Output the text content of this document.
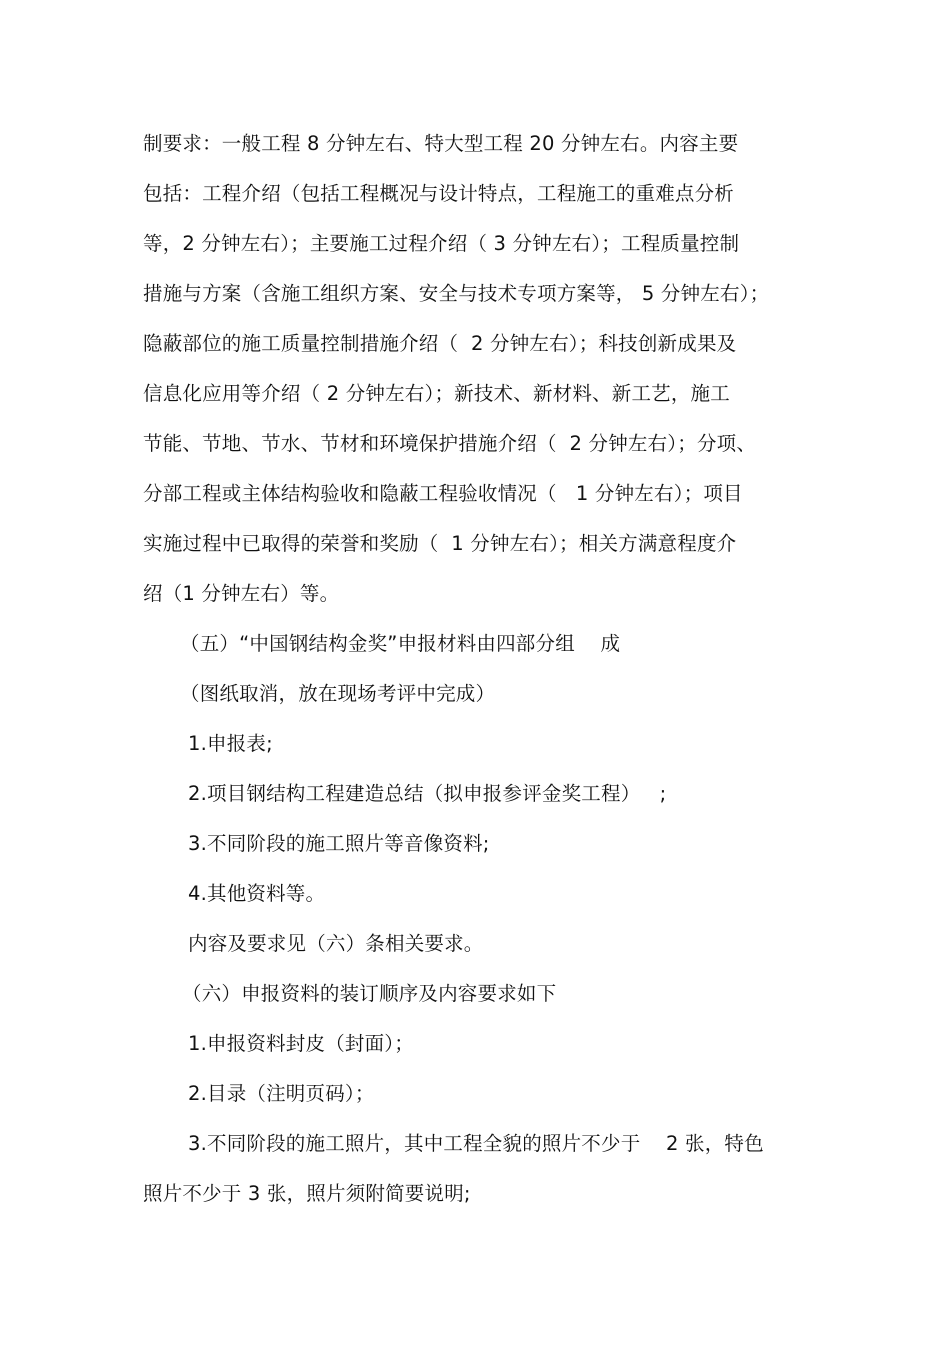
制要求：一般工程 8 分钟左右、特大型工程 20 分钟左右。内容主要
包括：工程介绍（包括工程概况与设计特点，工程施工的重难点分析
等，2 分钟左右）；主要施工过程介绍（ 3 分钟左右）；工程质量控制
措施与方案（含施工组织方案、安全与技术专项方案等， 5 分钟左右）；
隐蔽部位的施工质量控制措施介绍（  2 分钟左右）；科技创新成果及
信息化应用等介绍（ 2 分钟左右）；新技术、新材料、新工艺，施工
节能、节地、节水、节材和环境保护措施介绍（  2 分钟左右）；分项、
分部工程或主体结构验收和隐蔽工程验收情况（   1 分钟左右）；项目
实施过程中已取得的荣誉和奖励（  1 分钟左右）；相关方满意程度介
绍（1 分钟左右）等。
（五）“中国钢结构金奖”申报材料由四部分组    成
（图纸取消，放在现场考评中完成）
1.申报表;
2.项目钢结构工程建造总结（拟申报参评金奖工程）   ;
3.不同阶段的施工照片等音像资料;
4.其他资料等。
内容及要求见（六）条相关要求。
（六）申报资料的装订顺序及内容要求如下
1.申报资料封皮（封面）；
2.目录（注明页码）；
3.不同阶段的施工照片，其中工程全貌的照片不少于    2 张，特色
照片不少于 3 张，照片须附简要说明;
